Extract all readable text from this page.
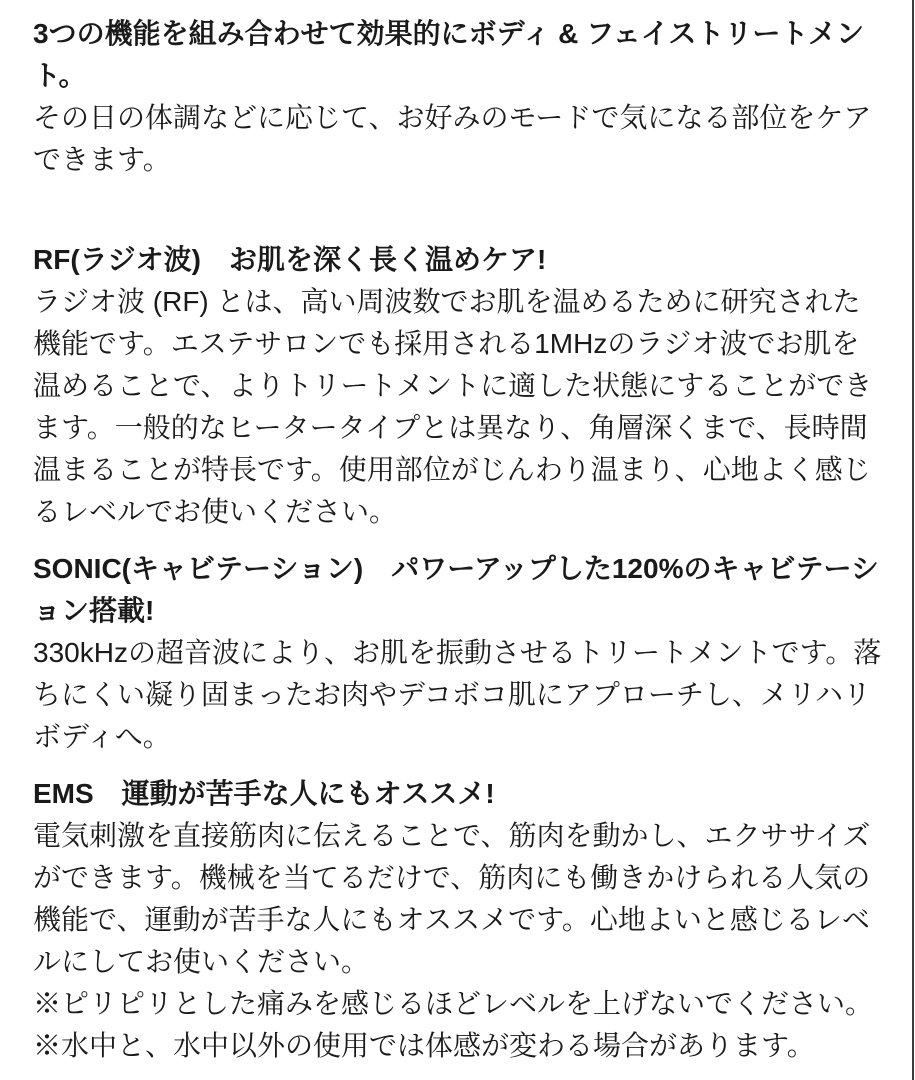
3つの機能を組み合わせて効果的にボディ & フェイストリートメント。

その日の体調などに応じて、お好みのモードで気になる部位をケアできます。

RF(ラジオ波)　お肌を深く長く温めケア!

ラジオ波 (RF) とは、高い周波数でお肌を温めるために研究された機能です。エステサロンでも採用される1MHzのラジオ波でお肌を温めることで、よりトリートメントに適した状態にすることができます。一般的なヒータータイプとは異なり、角層深くまで、長時間温まることが特長です。使用部位がじんわり温まり、心地よく感じるレベルでお使いください。

SONIC(キャビテーション)　パワーアップした120%のキャビテーション搭載!

330kHzの超音波により、お肌を振動させるトリートメントです。落ちにくい凝り固まったお肉やデコボコ肌にアプローチし、メリハリボディへ。

EMS　運動が苦手な人にもオススメ!

電気刺激を直接筋肉に伝えることで、筋肉を動かし、エクササイズができます。機械を当てるだけで、筋肉にも働きかけられる人気の機能で、運動が苦手な人にもオススメです。心地よいと感じるレベルにしてお使いください。

※ピリピリとした痛みを感じるほどレベルを上げないでください。

※水中と、水中以外の使用では体感が変わる場合があります。
